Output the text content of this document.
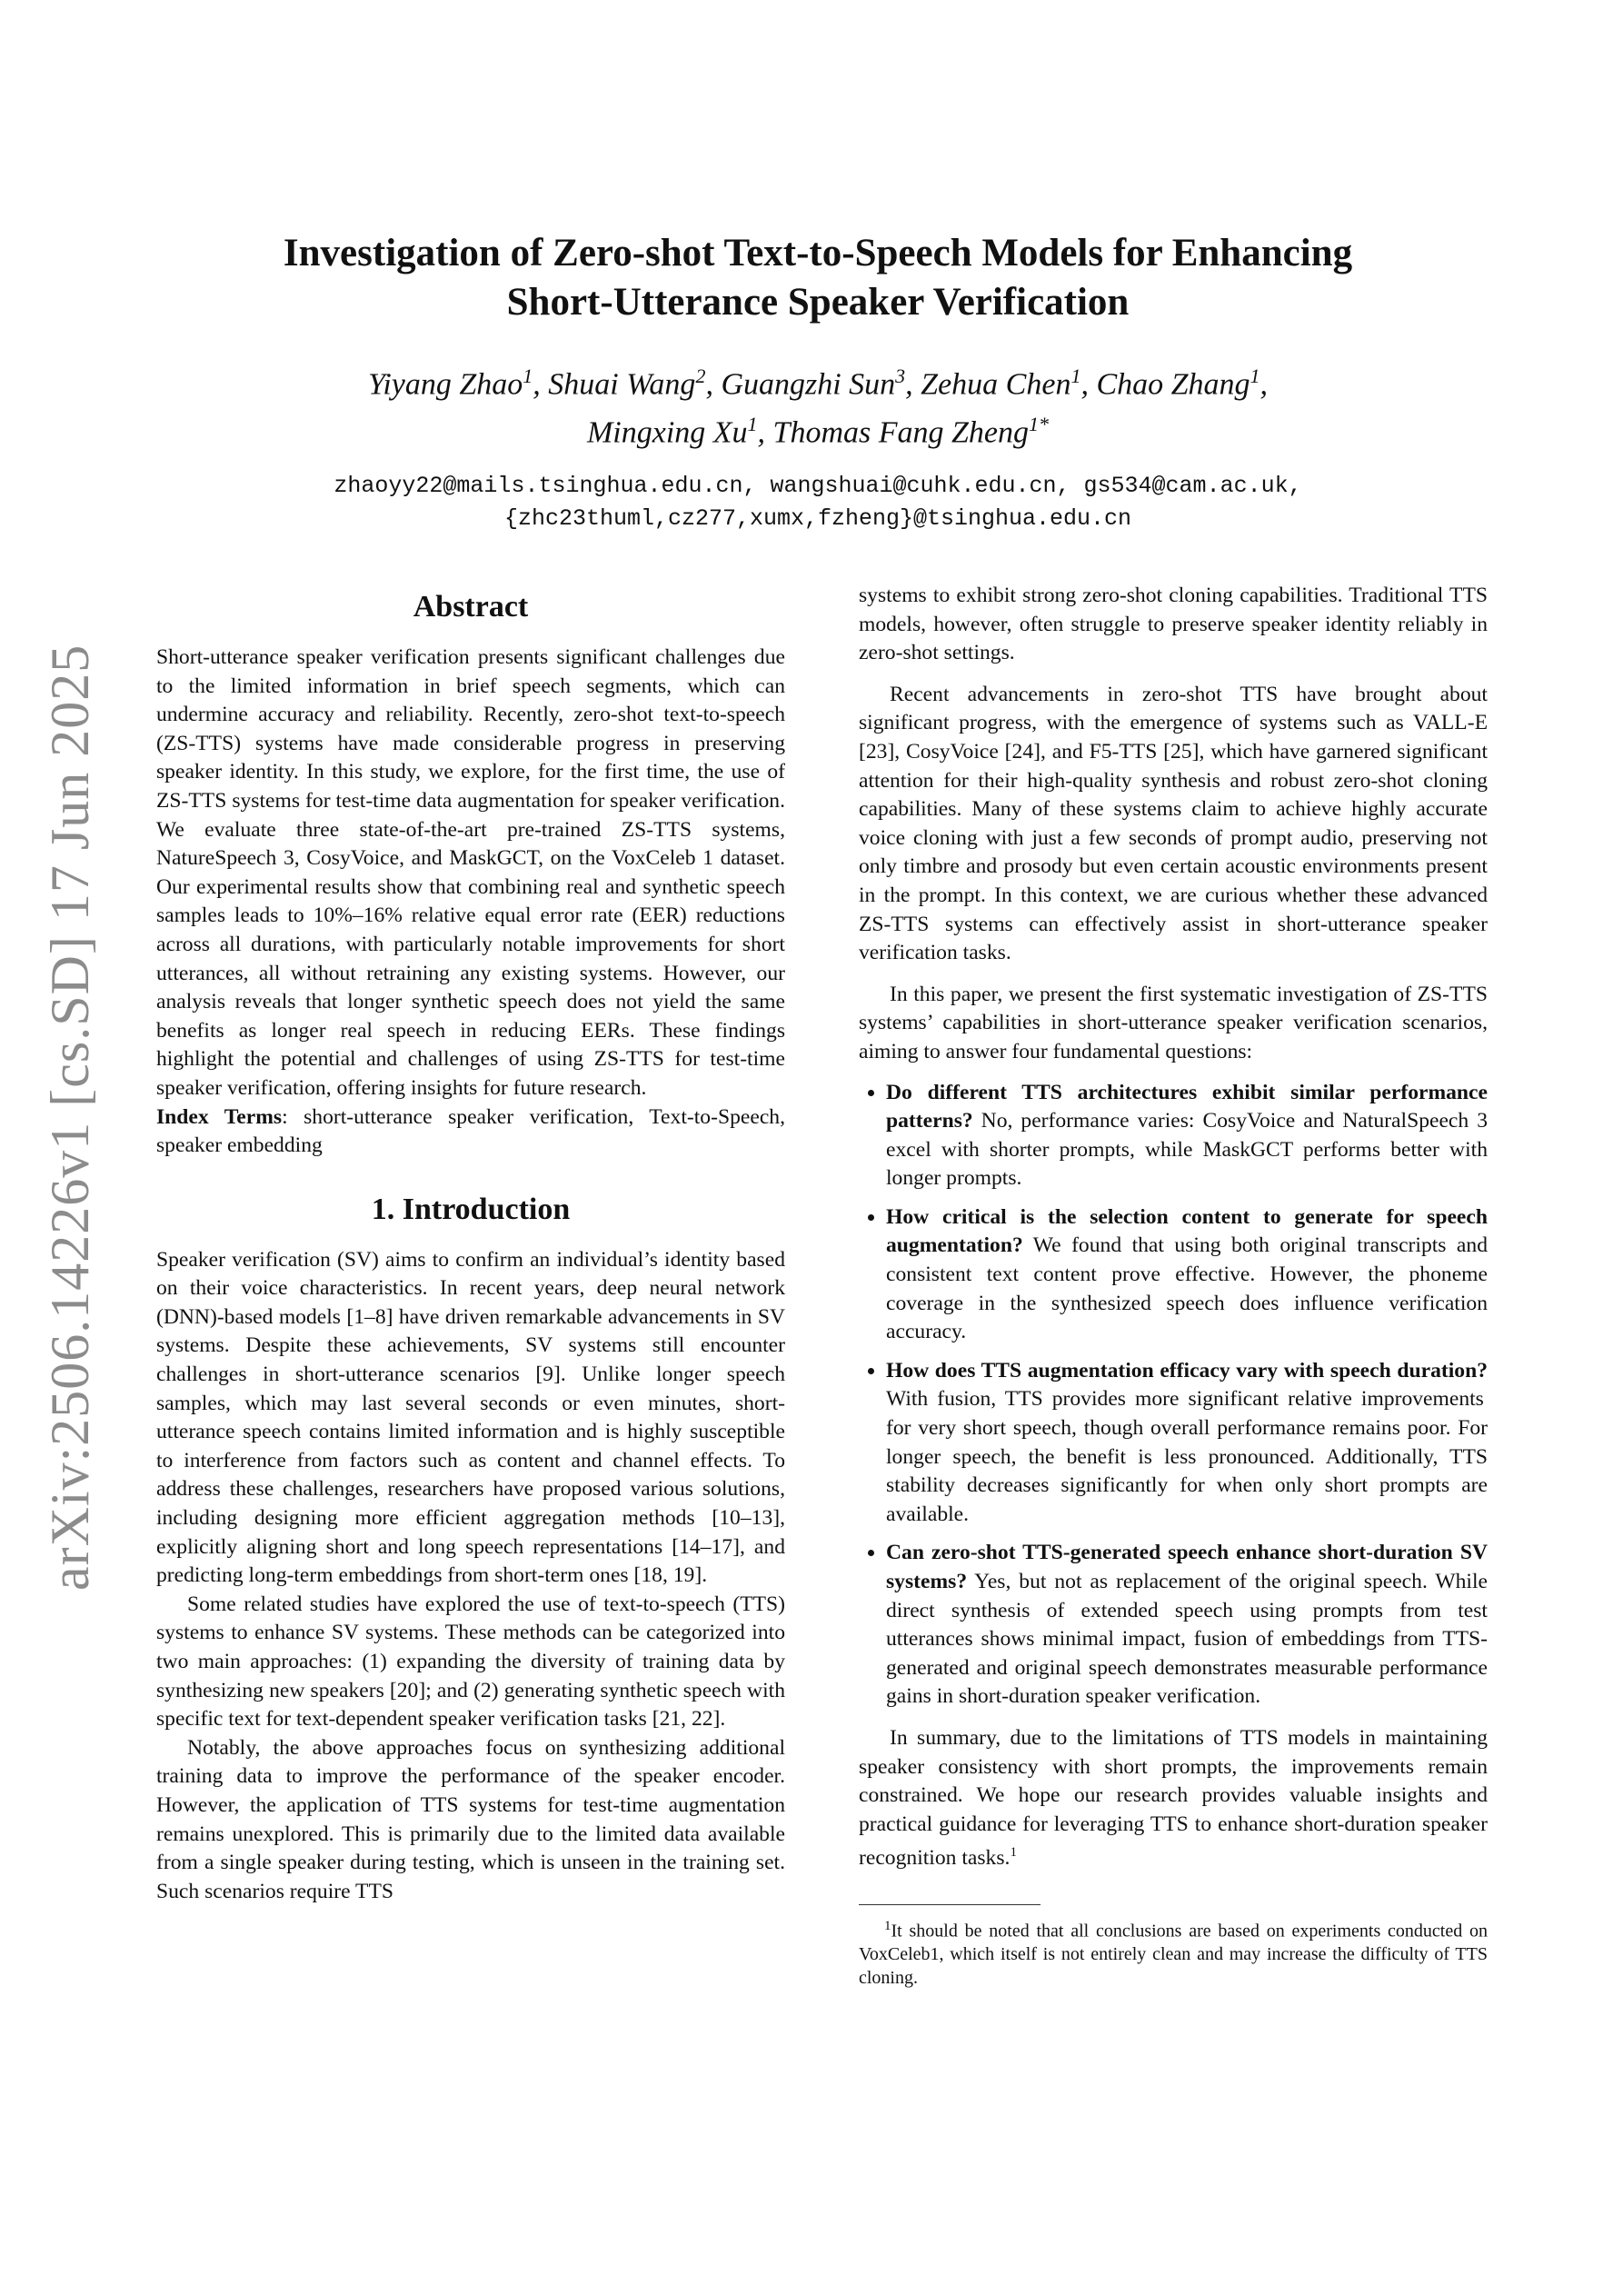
arXiv:2506.14226v1 [cs.SD] 17 Jun 2025
Investigation of Zero-shot Text-to-Speech Models for Enhancing
Short-Utterance Speaker Verification
Yiyang Zhao$^1$, Shuai Wang$^2$, Guangzhi Sun$^3$, Zehua Chen$^1$, Chao Zhang$^1$,
Mingxing Xu$^1$, Thomas Fang Zheng$^{1*}$
zhaoyy22@mails.tsinghua.edu.cn, wangshuai@cuhk.edu.cn, gs534@cam.ac.uk,
{zhc23thuml,cz277,xumx,fzheng}@tsinghua.edu.cn
Abstract

Short-utterance speaker verification presents significant challenges due to the limited information in brief speech segments, which can undermine accuracy and reliability. Recently, zero-shot text-to-speech (ZS-TTS) systems have made considerable progress in preserving speaker identity. In this study, we explore, for the first time, the use of ZS-TTS systems for test-time data augmentation for speaker verification. We evaluate three state-of-the-art pre-trained ZS-TTS systems, NatureSpeech 3, CosyVoice, and MaskGCT, on the VoxCeleb 1 dataset. Our experimental results show that combining real and synthetic speech samples leads to 10%–16% relative equal error rate (EER) reductions across all durations, with particularly notable improvements for short utterances, all without retraining any existing systems. However, our analysis reveals that longer synthetic speech does not yield the same benefits as longer real speech in reducing EERs. These findings highlight the potential and challenges of using ZS-TTS for test-time speaker verification, offering insights for future research.

Index Terms: short-utterance speaker verification, Text-to-Speech, speaker embedding

1. Introduction

Speaker verification (SV) aims to confirm an individual’s identity based on their voice characteristics. In recent years, deep neural network (DNN)-based models [1–8] have driven remarkable advancements in SV systems. Despite these achievements, SV systems still encounter challenges in short-utterance scenarios [9]. Unlike longer speech samples, which may last several seconds or even minutes, short-utterance speech contains limited information and is highly susceptible to interference from factors such as content and channel effects. To address these challenges, researchers have proposed various solutions, including designing more efficient aggregation methods [10–13], explicitly aligning short and long speech representations [14–17], and predicting long-term embeddings from short-term ones [18, 19].

Some related studies have explored the use of text-to-speech (TTS) systems to enhance SV systems. These methods can be categorized into two main approaches: (1) expanding the diversity of training data by synthesizing new speakers [20]; and (2) generating synthetic speech with specific text for text-dependent speaker verification tasks [21, 22].

Notably, the above approaches focus on synthesizing additional training data to improve the performance of the speaker encoder. However, the application of TTS systems for test-time augmentation remains unexplored. This is primarily due to the limited data available from a single speaker during testing, which is unseen in the training set. Such scenarios require TTS

systems to exhibit strong zero-shot cloning capabilities. Traditional TTS models, however, often struggle to preserve speaker identity reliably in zero-shot settings.

Recent advancements in zero-shot TTS have brought about significant progress, with the emergence of systems such as VALL-E [23], CosyVoice [24], and F5-TTS [25], which have garnered significant attention for their high-quality synthesis and robust zero-shot cloning capabilities. Many of these systems claim to achieve highly accurate voice cloning with just a few seconds of prompt audio, preserving not only timbre and prosody but even certain acoustic environments present in the prompt. In this context, we are curious whether these advanced ZS-TTS systems can effectively assist in short-utterance speaker verification tasks.

In this paper, we present the first systematic investigation of ZS-TTS systems’ capabilities in short-utterance speaker verification scenarios, aiming to answer four fundamental questions:

• Do different TTS architectures exhibit similar performance patterns? No, performance varies: CosyVoice and NaturalSpeech 3 excel with shorter prompts, while MaskGCT performs better with longer prompts.
• How critical is the selection content to generate for speech augmentation? We found that using both original transcripts and consistent text content prove effective. However, the phoneme coverage in the synthesized speech does influence verification accuracy.
• How does TTS augmentation efficacy vary with speech duration? With fusion, TTS provides more significant relative improvements for very short speech, though overall performance remains poor. For longer speech, the benefit is less pronounced. Additionally, TTS stability decreases significantly for when only short prompts are available.
• Can zero-shot TTS-generated speech enhance short-duration SV systems? Yes, but not as replacement of the original speech. While direct synthesis of extended speech using prompts from test utterances shows minimal impact, fusion of embeddings from TTS-generated and original speech demonstrates measurable performance gains in short-duration speaker verification.

In summary, due to the limitations of TTS models in maintaining speaker consistency with short prompts, the improvements remain constrained. We hope our research provides valuable insights and practical guidance for leveraging TTS to enhance short-duration speaker recognition tasks.$^1$

$^1$It should be noted that all conclusions are based on experiments conducted on VoxCeleb1, which itself is not entirely clean and may increase the difficulty of TTS cloning.
